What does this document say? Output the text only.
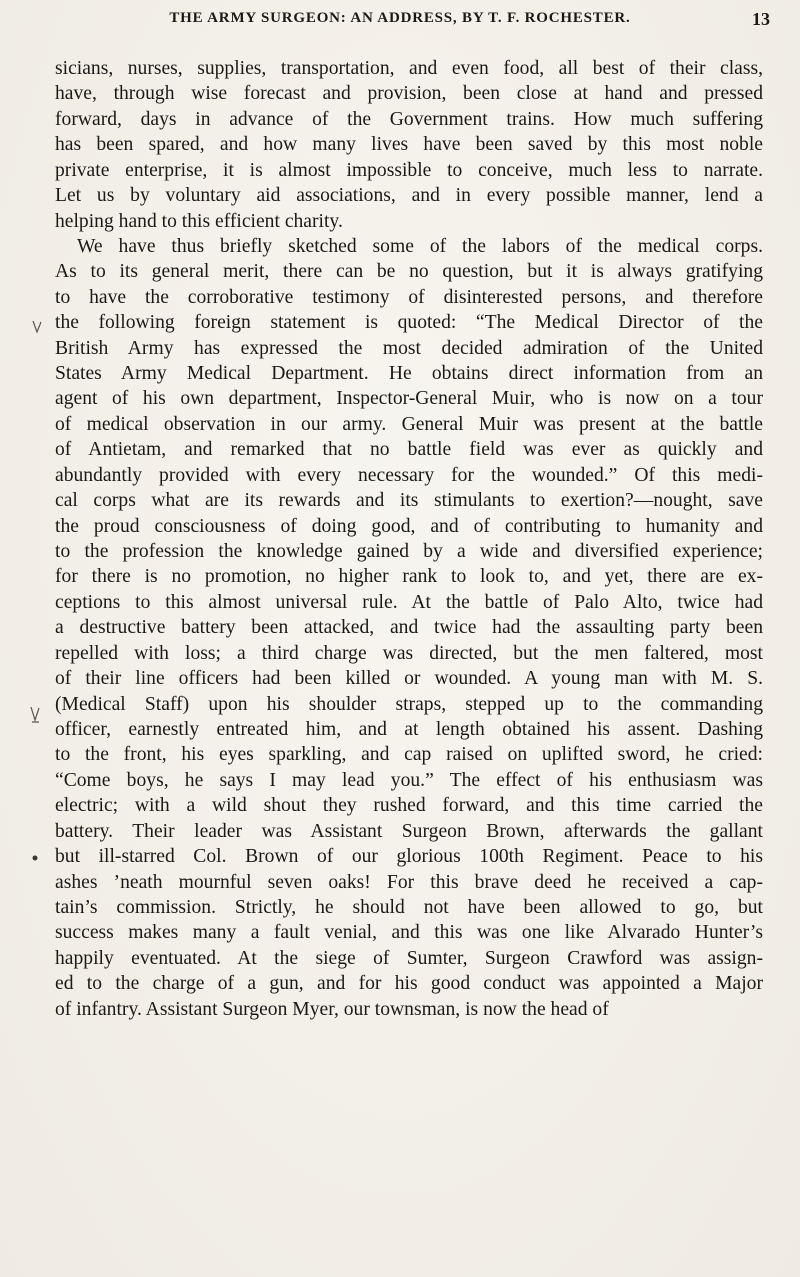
THE ARMY SURGEON: AN ADDRESS, BY T. F. ROCHESTER.	13
sicians, nurses, supplies, transportation, and even food, all best of their class,
have, through wise forecast and provision, been close at hand and pressed
forward, days in advance of the Government trains. How much suffering
has been spared, and how many lives have been saved by this most noble
private enterprise, it is almost impossible to conceive, much less to narrate.
Let us by voluntary aid associations, and in every possible manner, lend a
helping hand to this efficient charity.
We have thus briefly sketched some of the labors of the medical corps.
As to its general merit, there can be no question, but it is always gratifying
to have the corroborative testimony of disinterested persons, and therefore
the following foreign statement is quoted: “The Medical Director of the
British Army has expressed the most decided admiration of the United
States Army Medical Department. He obtains direct information from an
agent of his own department, Inspector-General Muir, who is now on a tour
of medical observation in our army. General Muir was present at the battle
of Antietam, and remarked that no battle field was ever as quickly and
abundantly provided with every necessary for the wounded.” Of this medi-
cal corps what are its rewards and its stimulants to exertion?—nought, save
the proud consciousness of doing good, and of contributing to humanity and
to the profession the knowledge gained by a wide and diversified experience;
for there is no promotion, no higher rank to look to, and yet, there are ex-
ceptions to this almost universal rule. At the battle of Palo Alto, twice had
a destructive battery been attacked, and twice had the assaulting party been
repelled with loss; a third charge was directed, but the men faltered, most
of their line officers had been killed or wounded. A young man with M. S.
(Medical Staff) upon his shoulder straps, stepped up to the commanding
officer, earnestly entreated him, and at length obtained his assent. Dashing
to the front, his eyes sparkling, and cap raised on uplifted sword, he cried:
“Come boys, he says I may lead you.” The effect of his enthusiasm was
electric; with a wild shout they rushed forward, and this time carried the
battery. Their leader was Assistant Surgeon Brown, afterwards the gallant
but ill-starred Col. Brown of our glorious 100th Regiment. Peace to his
ashes ’neath mournful seven oaks! For this brave deed he received a cap-
tain’s commission. Strictly, he should not have been allowed to go, but
success makes many a fault venial, and this was one like Alvarado Hunter’s
happily eventuated. At the siege of Sumter, Surgeon Crawford was assign-
ed to the charge of a gun, and for his good conduct was appointed a Major
of infantry. Assistant Surgeon Myer, our townsman, is now the head of
